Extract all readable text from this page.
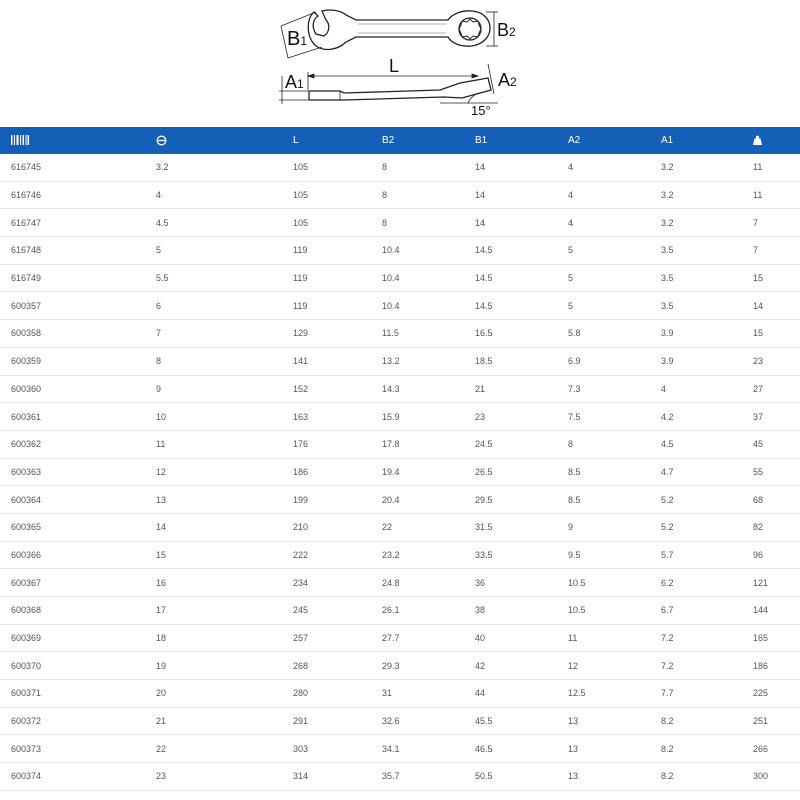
B1
B2
L
A1	A2
15°
		L	B2	B1	A2	A1	
616745	3.2	105	8	14	4	3.2	11
616746	4	105	8	14	4	3.2	11
616747	4.5	105	8	14	4	3.2	7
616748	5	119	10.4	14.5	5	3.5	7
616749	5.5	119	10.4	14.5	5	3.5	15
600357	6	119	10.4	14.5	5	3.5	14
600358	7	129	11.5	16.5	5.8	3.9	15
600359	8	141	13.2	18.5	6.9	3.9	23
600360	9	152	14.3	21	7.3	4	27
600361	10	163	15.9	23	7.5	4.2	37
600362	11	176	17.8	24.5	8	4.5	45
600363	12	186	19.4	26.5	8.5	4.7	55
600364	13	199	20.4	29.5	8.5	5.2	68
600365	14	210	22	31.5	9	5.2	82
600366	15	222	23.2	33.5	9.5	5.7	96
600367	16	234	24.8	36	10.5	6.2	121
600368	17	245	26.1	38	10.5	6.7	144
600369	18	257	27.7	40	11	7.2	165
600370	19	268	29.3	42	12	7.2	186
600371	20	280	31	44	12.5	7.7	225
600372	21	291	32.6	45.5	13	8.2	251
600373	22	303	34.1	46.5	13	8.2	266
600374	23	314	35.7	50.5	13	8.2	300
